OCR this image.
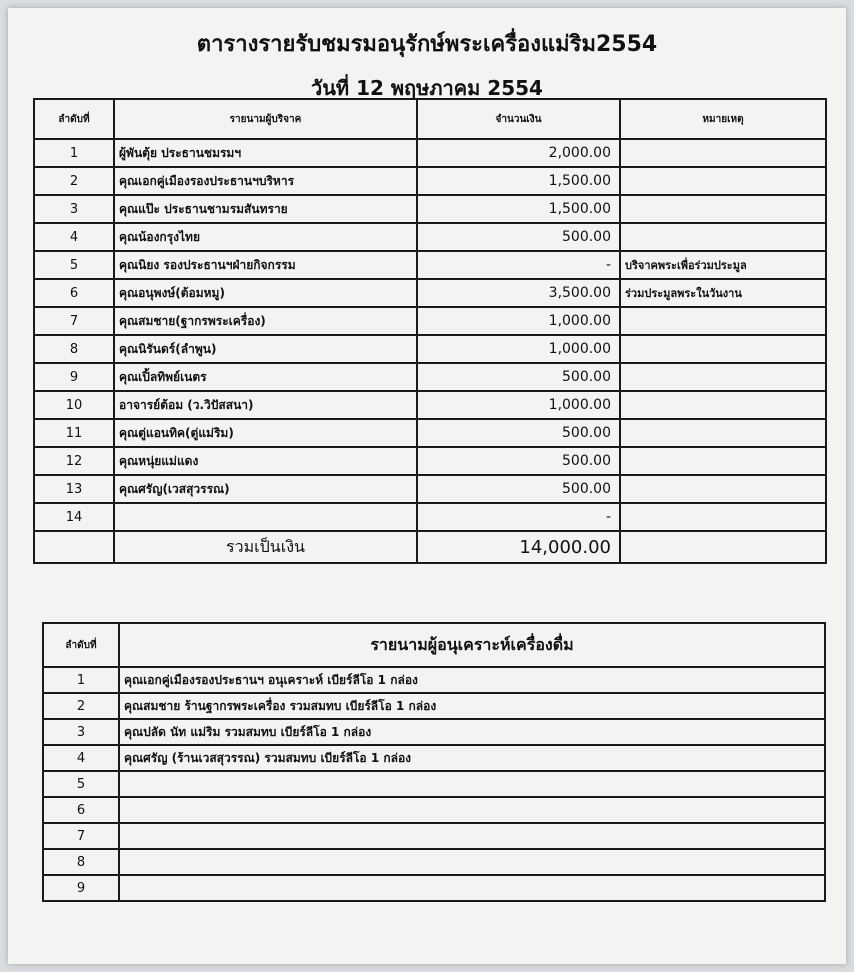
ตารางรายรับชมรมอนุรักษ์พระเครื่องแม่ริม2554
วันที่ 12 พฤษภาคม 2554
ลำดับที่	รายนามผู้บริจาค	จำนวนเงิน	หมายเหตุ
1	ผู้พันตุ้ย ประธานชมรมฯ	2,000.00	
2	คุณเอกคู่เมืองรองประธานฯบริหาร	1,500.00	
3	คุณแป๊ะ ประธานชามรมสันทราย	1,500.00	
4	คุณน้องกรุงไทย	500.00	
5	คุณนิยง รองประธานฯฝ่ายกิจกรรม	-	บริจาคพระเพื่อร่วมประมูล
6	คุณอนุพงษ์(ต้อมหมู)	3,500.00	ร่วมประมูลพระในวันงาน
7	คุณสมชาย(ฐากรพระเครื่อง)	1,000.00	
8	คุณนิรันดร์(ลำพูน)	1,000.00	
9	คุณเปิ้ลทิพย์เนตร	500.00	
10	อาจารย์ต้อม (ว.วิปัสสนา)	1,000.00	
11	คุณตู่แอนทิค(ตู่แม่ริม)	500.00	
12	คุณหนุ่ยแม่แดง	500.00	
13	คุณศรัญ(เวสสุวรรณ)	500.00	
14		-	
	รวมเป็นเงิน	14,000.00	
ลำดับที่	รายนามผู้อนุเคราะห์เครื่องดื่ม
1	คุณเอกคู่เมืองรองประธานฯ อนุเคราะห์ เบียร์ลีโอ 1 กล่อง
2	คุณสมชาย ร้านฐากรพระเครื่อง รวมสมทบ เบียร์ลีโอ 1 กล่อง
3	คุณปลัด นัท แม่ริม รวมสมทบ เบียร์ลีโอ 1 กล่อง
4	คุณศรัญ (ร้านเวสสุวรรณ) รวมสมทบ เบียร์ลีโอ 1 กล่อง
5	
6	
7	
8	
9	
